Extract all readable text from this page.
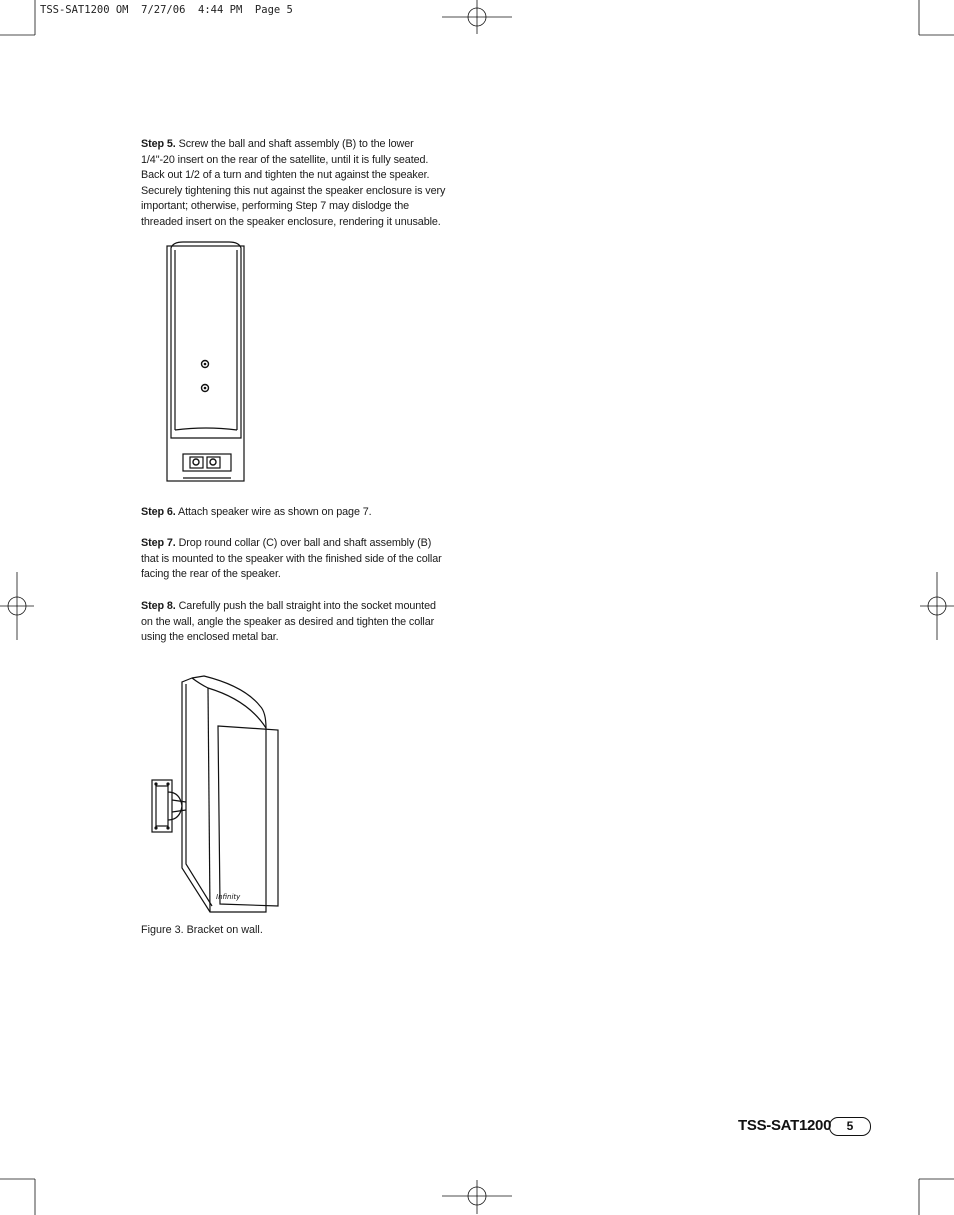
TSS-SAT1200 OM  7/27/06  4:44 PM  Page 5
Step 5. Screw the ball and shaft assembly (B) to the lower 1/4"-20 insert on the rear of the satellite, until it is fully seated. Back out 1/2 of a turn and tighten the nut against the speaker. Securely tightening this nut against the speaker enclosure is very important; otherwise, performing Step 7 may dislodge the threaded insert on the speaker enclosure, rendering it unusable.
Step 6. Attach speaker wire as shown on page 7.
Step 7. Drop round collar (C) over ball and shaft assembly (B) that is mounted to the speaker with the finished side of the collar facing the rear of the speaker.
Step 8. Carefully push the ball straight into the socket mounted on the wall, angle the speaker as desired and tighten the collar using the enclosed metal bar.
Infinity
Figure 3. Bracket on wall.
TSS-SAT1200	5
